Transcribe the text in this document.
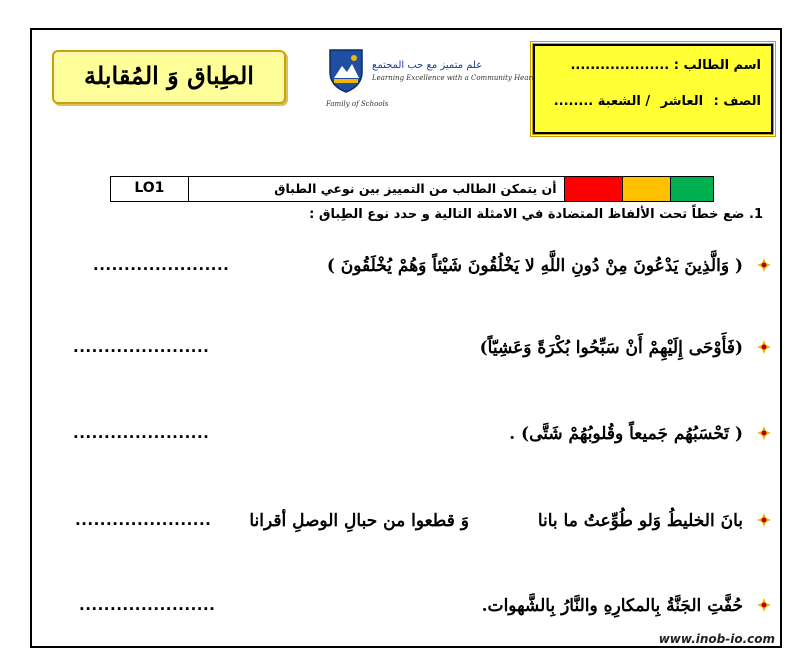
اسم الطالب : ....................
الصف : العاشر / الشعبة ........
علم متميز مع حب المجتمع
Learning Excellence with a Community Heart
Family of Schools
الطِباق وَ المُقابلة
LO1	أن يتمكن الطالب من التمييز بين نوعي الطباق
1. ضع خطاً تحت الألفاظ المتضادة في الامثلة التالية و حدد نوع الطِباق :
( وَالَّذِينَ يَدْعُونَ مِنْ دُونِ اللَّهِ لا يَخْلُقُونَ شَيْئاً وَهُمْ يُخْلَقُونَ )
......................
(فَأَوْحَى إِلَيْهِمْ أَنْ سَبِّحُوا بُكْرَةً وَعَشِيّاً)
......................
( تَحْسَبُهُم جَميعاً وقُلوبُهُمْ شَتَّى) .
......................
بانَ الخليطُ وَلو طُوِّعتُ ما بانا
وَ قطعوا من حبالِ الوصلِ أقرانا
......................
حُفَّتِ الجَنَّةُ بِالمكارِهِ والنَّارُ بِالشَّهوات.
......................
www.inob-io.com
